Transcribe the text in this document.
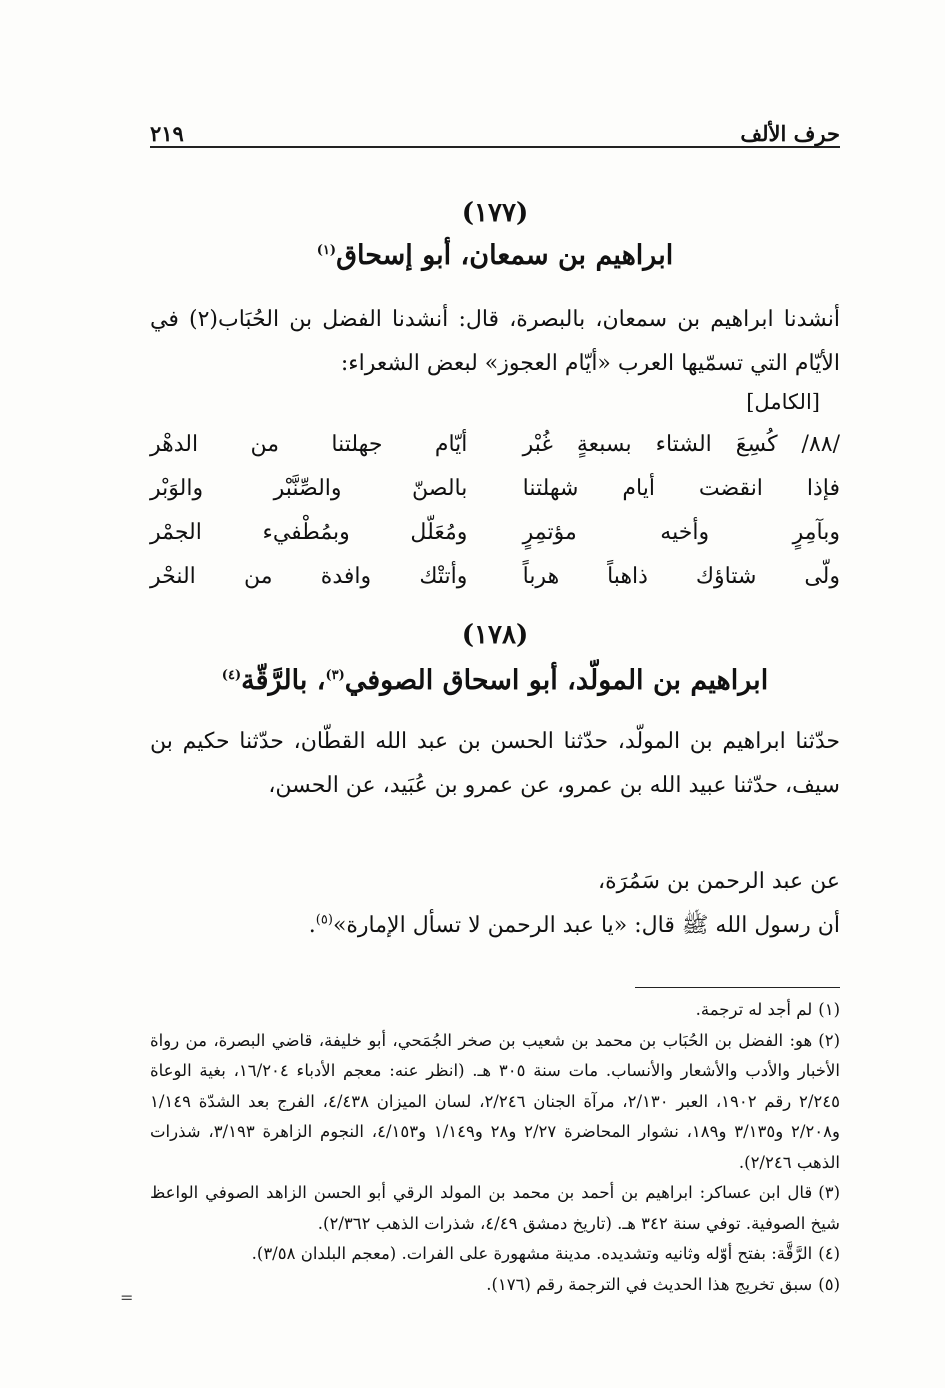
حرف الألف
٢١٩
(١٧٧)
ابراهيم بن سمعان، أبو إسحاق$^{(١)}$
أنشدنا ابراهيم بن سمعان، بالبصرة، قال: أنشدنا الفضل بن الحُبَاب(٢) في الأيّام التي تسمّيها العرب «أيّام العجوز» لبعض الشعراء:
[الكامل]
/٨٨/ كُسِعَ الشتاء بسبعةٍ غُبْر
أيّام جهلتنا من الدهْر
فإذا انقضت أيام شهلتنا
بالصنّ والصِّنَّبْر والوَبْر
وبآمِرٍ وأخيه مؤتمِرٍ
ومُعَلّل وبمُطْفيء الجمْر
ولّى شتاؤك ذاهباً هرباً
وأتتْك وافدة من النحْر
(١٧٨)
ابراهيم بن المولّد، أبو اسحاق الصوفي$^{(٣)}$، بالرَّقّة$^{(٤)}$
حدّثنا ابراهيم بن المولّد، حدّثنا الحسن بن عبد الله القطّان، حدّثنا حكيم بن سيف، حدّثنا عبيد الله بن عمرو، عن عمرو بن عُبَيد، عن الحسن،
عن عبد الرحمن بن سَمُرَة،
أن رسول الله ﷺ قال: «يا عبد الرحمن لا تسأل الإمارة»$^{(٥)}$.
(١)لم أجد له ترجمة.
(٢)هو: الفضل بن الحُبَاب بن محمد بن شعيب بن صخر الجُمَحي، أبو خليفة، قاضي البصرة، من رواة الأخبار والأدب والأشعار والأنساب. مات سنة ٣٠٥ هـ. (انظر عنه: معجم الأدباء ١٦/٢٠٤، بغية الوعاة ٢/٢٤٥ رقم ١٩٠٢، العبر ٢/١٣٠، مرآة الجنان ٢/٢٤٦، لسان الميزان ٤/٤٣٨، الفرج بعد الشدّة ١/١٤٩ و٢/٢٠٨ و٣/١٣٥ و١٨٩، نشوار المحاضرة ٢/٢٧ و٢٨ و١/١٤٩ و٤/١٥٣، النجوم الزاهرة ٣/١٩٣، شذرات الذهب ٢/٢٤٦).
(٣)قال ابن عساكر: ابراهيم بن أحمد بن محمد بن المولد الرقي أبو الحسن الزاهد الصوفي الواعظ شيخ الصوفية. توفي سنة ٣٤٢ هـ. (تاريخ دمشق ٤/٤٩، شذرات الذهب ٢/٣٦٢).
(٤)الرَّقَّة: بفتح أوّله وثانيه وتشديده. مدينة مشهورة على الفرات. (معجم البلدان ٣/٥٨).
(٥)سبق تخريج هذا الحديث في الترجمة رقم (١٧٦).
=
